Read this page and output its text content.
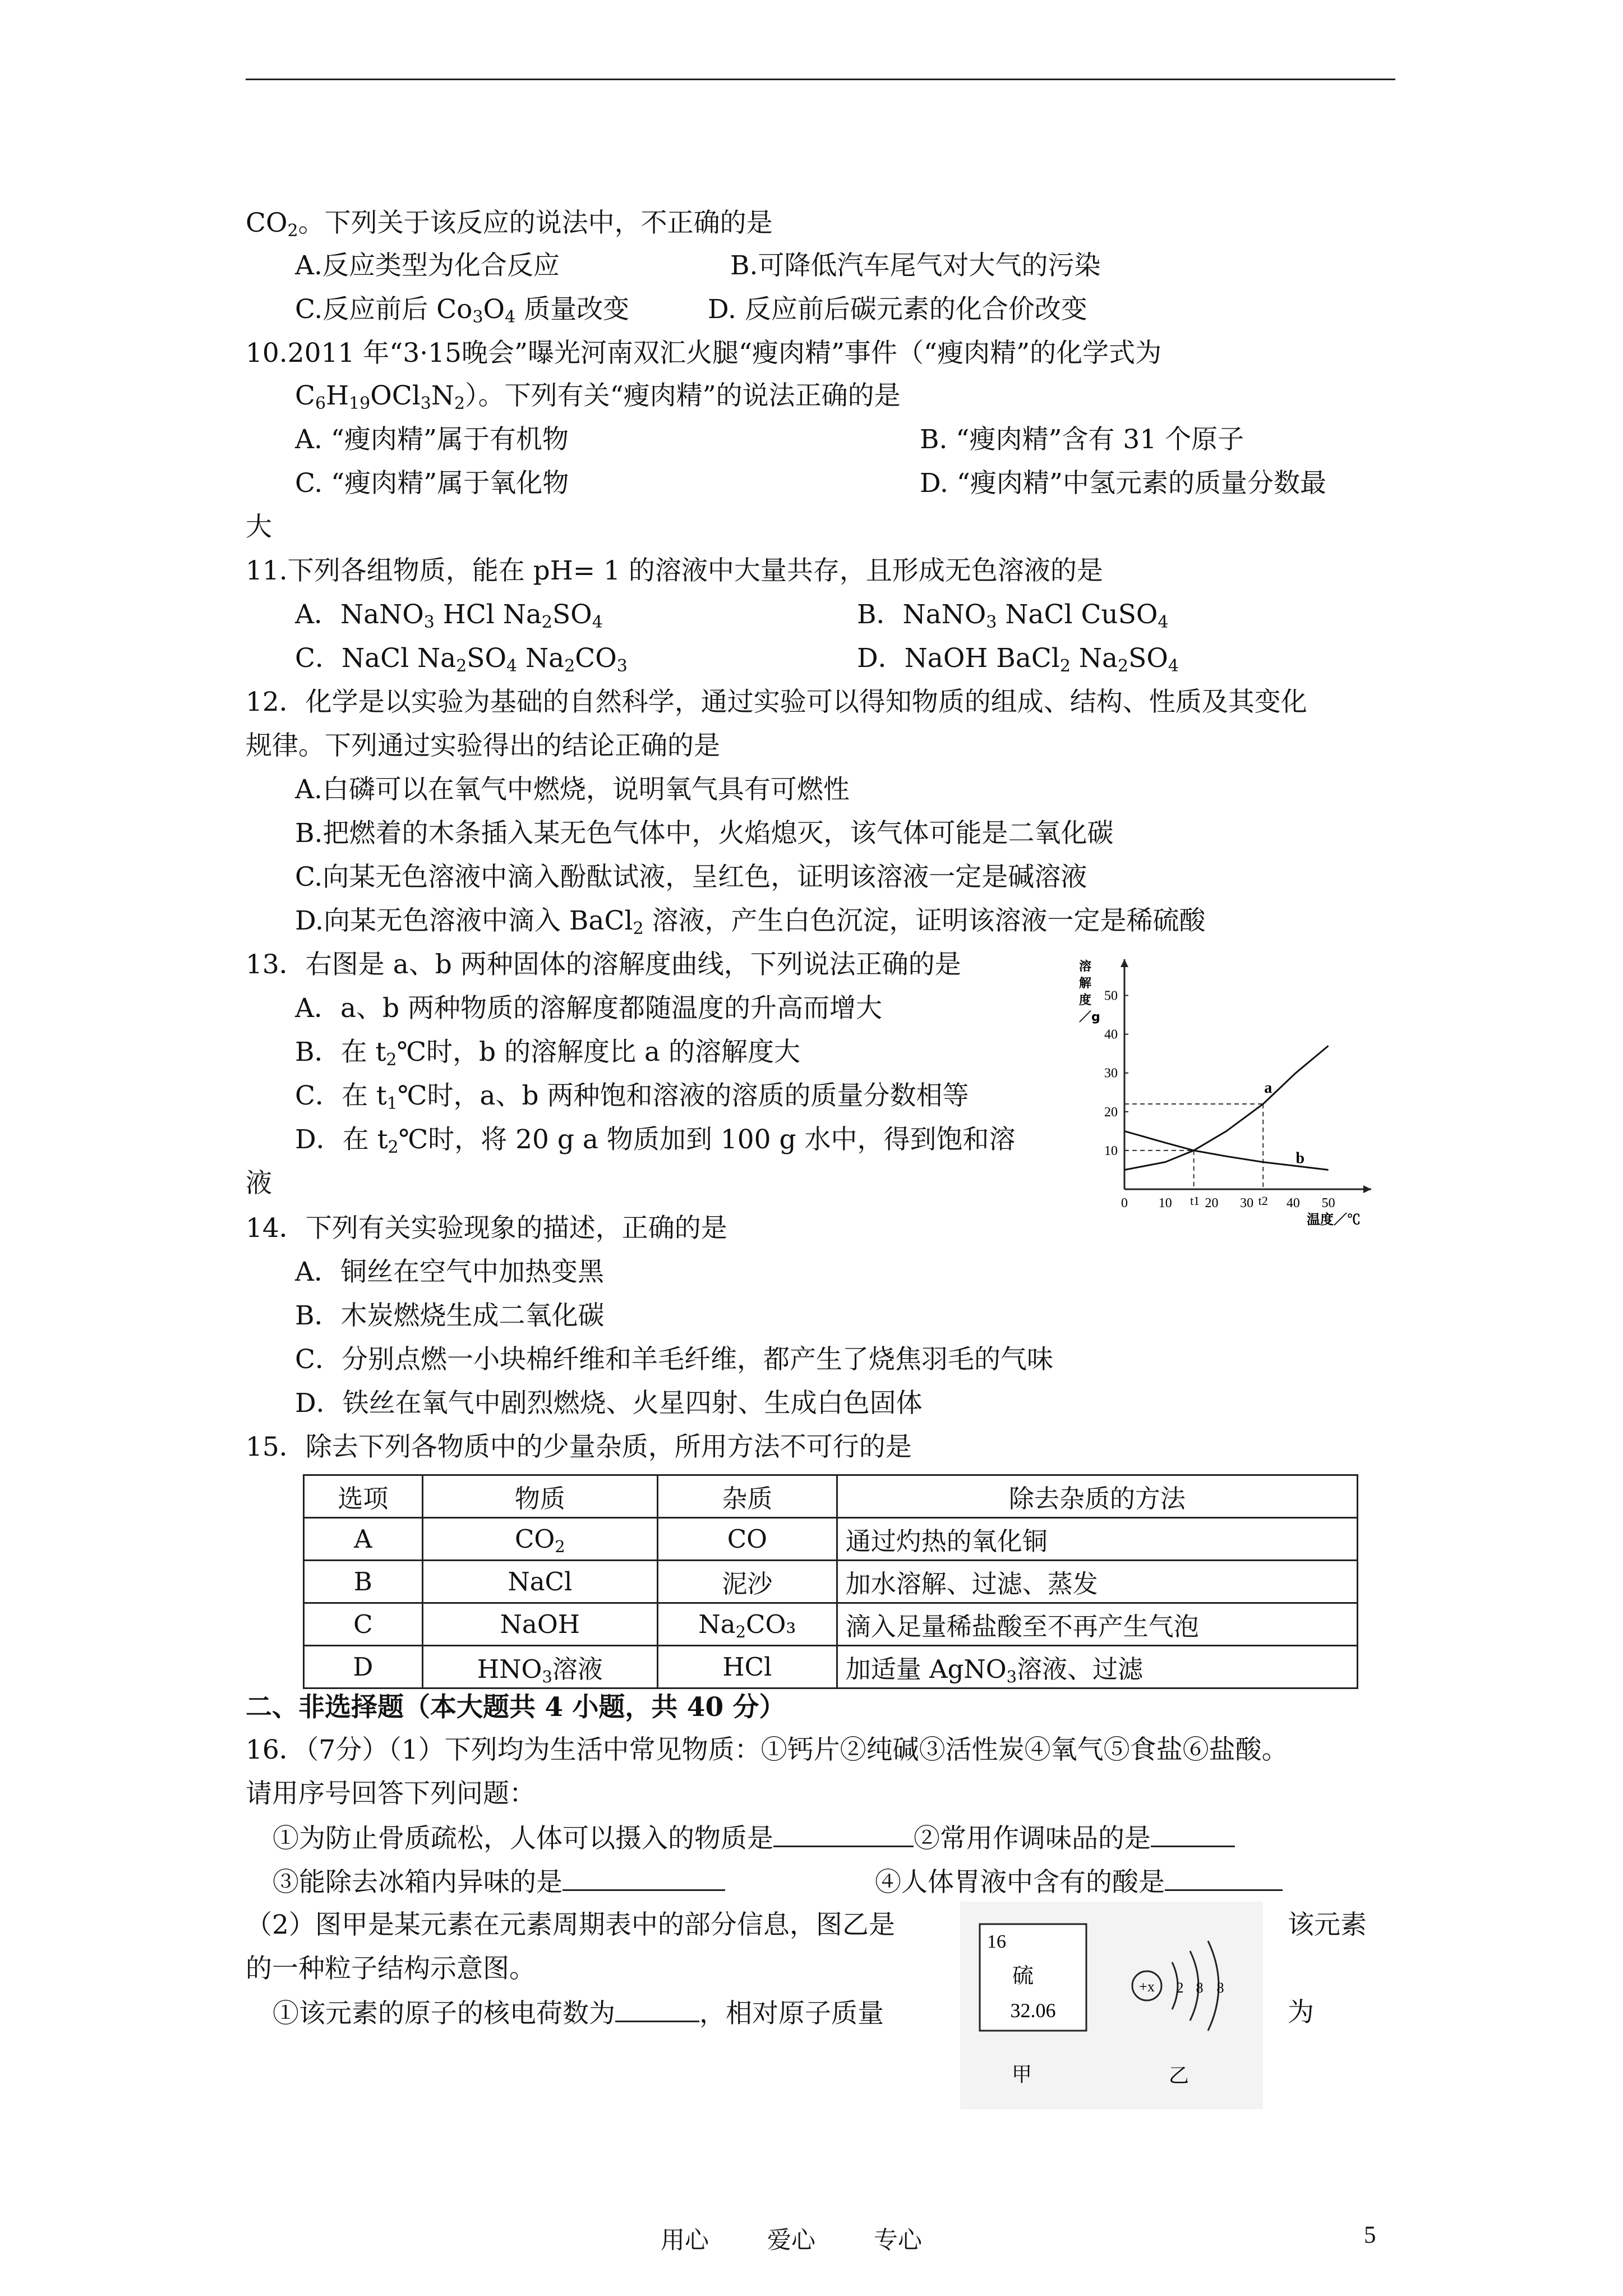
$CO_2$。下列关于该反应的说法中，不正确的是
A.反应类型为化合反应	B.可降低汽车尾气对大气的污染
C.反应前后 $Co_3O_4$ 质量改变	D. 反应前后碳元素的化合价改变
10.2011 年“3·15晚会”曝光河南双汇火腿“瘦肉精”事件（“瘦肉精”的化学式为
$C_6H_{19}OCl_3N_2$）。下列有关“瘦肉精”的说法正确的是
A. “瘦肉精”属于有机物	B. “瘦肉精”含有 31 个原子
C. “瘦肉精”属于氧化物	D. “瘦肉精”中氢元素的质量分数最
大
11.下列各组物质，能在 pH= 1 的溶液中大量共存，且形成无色溶液的是
A．NaNO$_3$ HCl $Na_2SO_4$	B．NaNO$_3$ NaCl CuSO$_4$
C．NaCl $Na_2SO_4$ $Na_2CO_3$	D．NaOH BaCl$_2$ $Na_2SO_4$
12．化学是以实验为基础的自然科学，通过实验可以得知物质的组成、结构、性质及其变化
规律。下列通过实验得出的结论正确的是
A.白磷可以在氧气中燃烧，说明氧气具有可燃性
B.把燃着的木条插入某无色气体中，火焰熄灭，该气体可能是二氧化碳
C.向某无色溶液中滴入酚酞试液，呈红色，证明该溶液一定是碱溶液
D.向某无色溶液中滴入 BaCl$_2$ 溶液，产生白色沉淀，证明该溶液一定是稀硫酸
13．右图是 a、b 两种固体的溶解度曲线，下列说法正确的是
A．a、b 两种物质的溶解度都随温度的升高而增大
B．在 $t_2℃$时，b 的溶解度比 a 的溶解度大
C．在 $t_1℃$时，a、b 两种饱和溶液的溶质的质量分数相等
D．在 $t_2℃$时，将 20 g a 物质加到 100 g 水中，得到饱和溶
液
溶
解
度
／g
10
20
30
40
50
0 10 20 30 40 50
t1	t2
a
b
温度／℃
14．下列有关实验现象的描述，正确的是
A．铜丝在空气中加热变黑
B．木炭燃烧生成二氧化碳
C．分别点燃一小块棉纤维和羊毛纤维，都产生了烧焦羽毛的气味
D．铁丝在氧气中剧烈燃烧、火星四射、生成白色固体
15．除去下列各物质中的少量杂质，所用方法不可行的是
选项	物质	杂质	除去杂质的方法
A	$CO_2$	CO	通过灼热的氧化铜
B	NaCl	泥沙	加水溶解、过滤、蒸发
C	NaOH	$Na_2CO_3$	滴入足量稀盐酸至不再产生气泡
D	$HNO_3$溶液	HCl	加适量 AgNO$_3$溶液、过滤
二、非选择题（本大题共 4 小题，共 40 分）
16．（7分）（1）下列均为生活中常见物质：①钙片②纯碱③活性炭④氧气⑤食盐⑥盐酸。
请用序号回答下列问题：
①为防止骨质疏松，人体可以摄入的物质是	②常用作调味品的是
③能除去冰箱内异味的是	④人体胃液中含有的酸是
（2）图甲是某元素在元素周期表中的部分信息，图乙是	该元素
的一种粒子结构示意图。
①该元素的原子的核电荷数为	，相对原子质量	为
16
硫
32.06
甲
+x 2 8 8
乙
用心 爱心 专心	5
